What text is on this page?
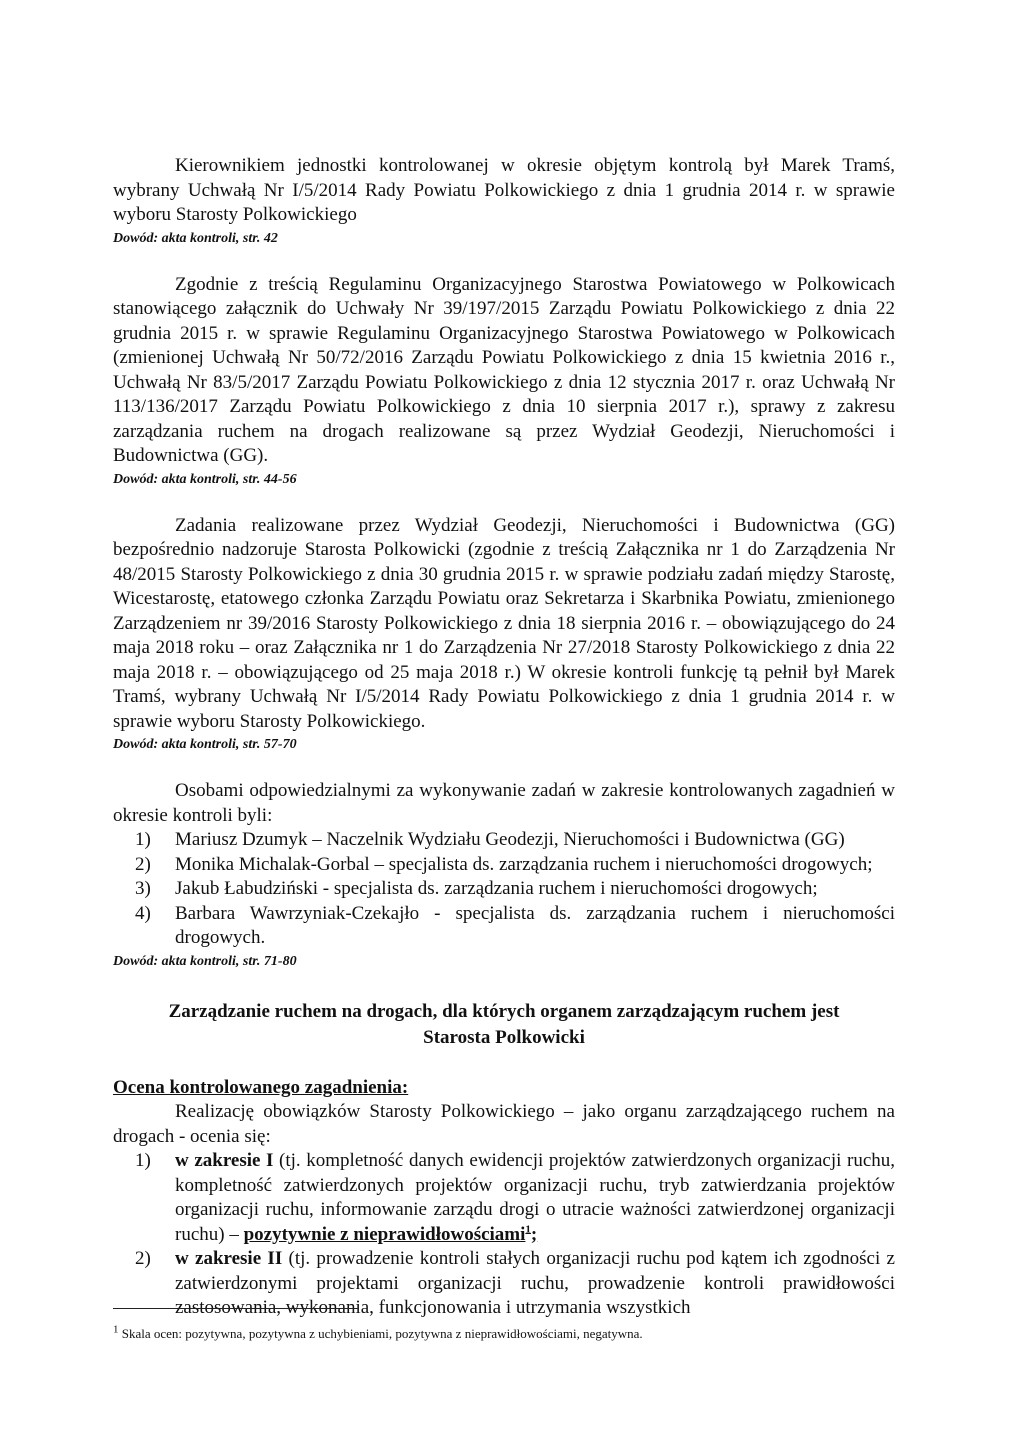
Kierownikiem jednostki kontrolowanej w okresie objętym kontrolą był Marek Tramś, wybrany Uchwałą Nr I/5/2014 Rady Powiatu Polkowickiego z dnia 1 grudnia 2014 r. w sprawie wyboru Starosty Polkowickiego

Dowód: akta kontroli, str. 42

Zgodnie z treścią Regulaminu Organizacyjnego Starostwa Powiatowego w Polkowicach stanowiącego załącznik do Uchwały Nr 39/197/2015 Zarządu Powiatu Polkowickiego z dnia 22 grudnia 2015 r. w sprawie Regulaminu Organizacyjnego Starostwa Powiatowego w Polkowicach (zmienionej Uchwałą Nr 50/72/2016 Zarządu Powiatu Polkowickiego z dnia 15 kwietnia 2016 r., Uchwałą Nr 83/5/2017 Zarządu Powiatu Polkowickiego z dnia 12 stycznia 2017 r. oraz Uchwałą Nr 113/136/2017 Zarządu Powiatu Polkowickiego z dnia 10 sierpnia 2017 r.), sprawy z zakresu zarządzania ruchem na drogach realizowane są przez Wydział Geodezji, Nieruchomości i Budownictwa (GG).

Dowód: akta kontroli, str. 44-56

Zadania realizowane przez Wydział Geodezji, Nieruchomości i Budownictwa (GG) bezpośrednio nadzoruje Starosta Polkowicki (zgodnie z treścią Załącznika nr 1 do Zarządzenia Nr 48/2015 Starosty Polkowickiego z dnia 30 grudnia 2015 r. w sprawie podziału zadań między Starostę, Wicestarostę, etatowego członka Zarządu Powiatu oraz Sekretarza i Skarbnika Powiatu, zmienionego Zarządzeniem nr 39/2016 Starosty Polkowickiego z dnia 18 sierpnia 2016 r. – obowiązującego do 24 maja 2018 roku – oraz Załącznika nr 1 do Zarządzenia Nr 27/2018 Starosty Polkowickiego z dnia 22 maja 2018 r. – obowiązującego od 25 maja 2018 r.) W okresie kontroli funkcję tą pełnił był Marek Tramś, wybrany Uchwałą Nr I/5/2014 Rady Powiatu Polkowickiego z dnia 1 grudnia 2014 r. w sprawie wyboru Starosty Polkowickiego.

Dowód: akta kontroli, str. 57-70

Osobami odpowiedzialnymi za wykonywanie zadań w zakresie kontrolowanych zagadnień w okresie kontroli byli:

1) Mariusz Dzumyk – Naczelnik Wydziału Geodezji, Nieruchomości i Budownictwa (GG)
2) Monika Michalak-Gorbal – specjalista ds. zarządzania ruchem i nieruchomości drogowych;
3) Jakub Łabudziński - specjalista ds. zarządzania ruchem i nieruchomości drogowych;
4) Barbara Wawrzyniak-Czekajło - specjalista ds. zarządzania ruchem i nieruchomości drogowych.

Dowód: akta kontroli, str. 71-80

Zarządzanie ruchem na drogach, dla których organem zarządzającym ruchem jest

Starosta Polkowicki

Ocena kontrolowanego zagadnienia:

Realizację obowiązków Starosty Polkowickiego – jako organu zarządzającego ruchem na drogach - ocenia się:

1) w zakresie I (tj. kompletność danych ewidencji projektów zatwierdzonych organizacji ruchu, kompletność zatwierdzonych projektów organizacji ruchu, tryb zatwierdzania projektów organizacji ruchu, informowanie zarządu drogi o utracie ważności zatwierdzonej organizacji ruchu) – pozytywnie z nieprawidłowościami$^1$;
2) w zakresie II (tj. prowadzenie kontroli stałych organizacji ruchu pod kątem ich zgodności z zatwierdzonymi projektami organizacji ruchu, prowadzenie kontroli prawidłowości zastosowania, wykonania, funkcjonowania i utrzymania wszystkich
$^1$ Skala ocen: pozytywna, pozytywna z uchybieniami, pozytywna z nieprawidłowościami, negatywna.
